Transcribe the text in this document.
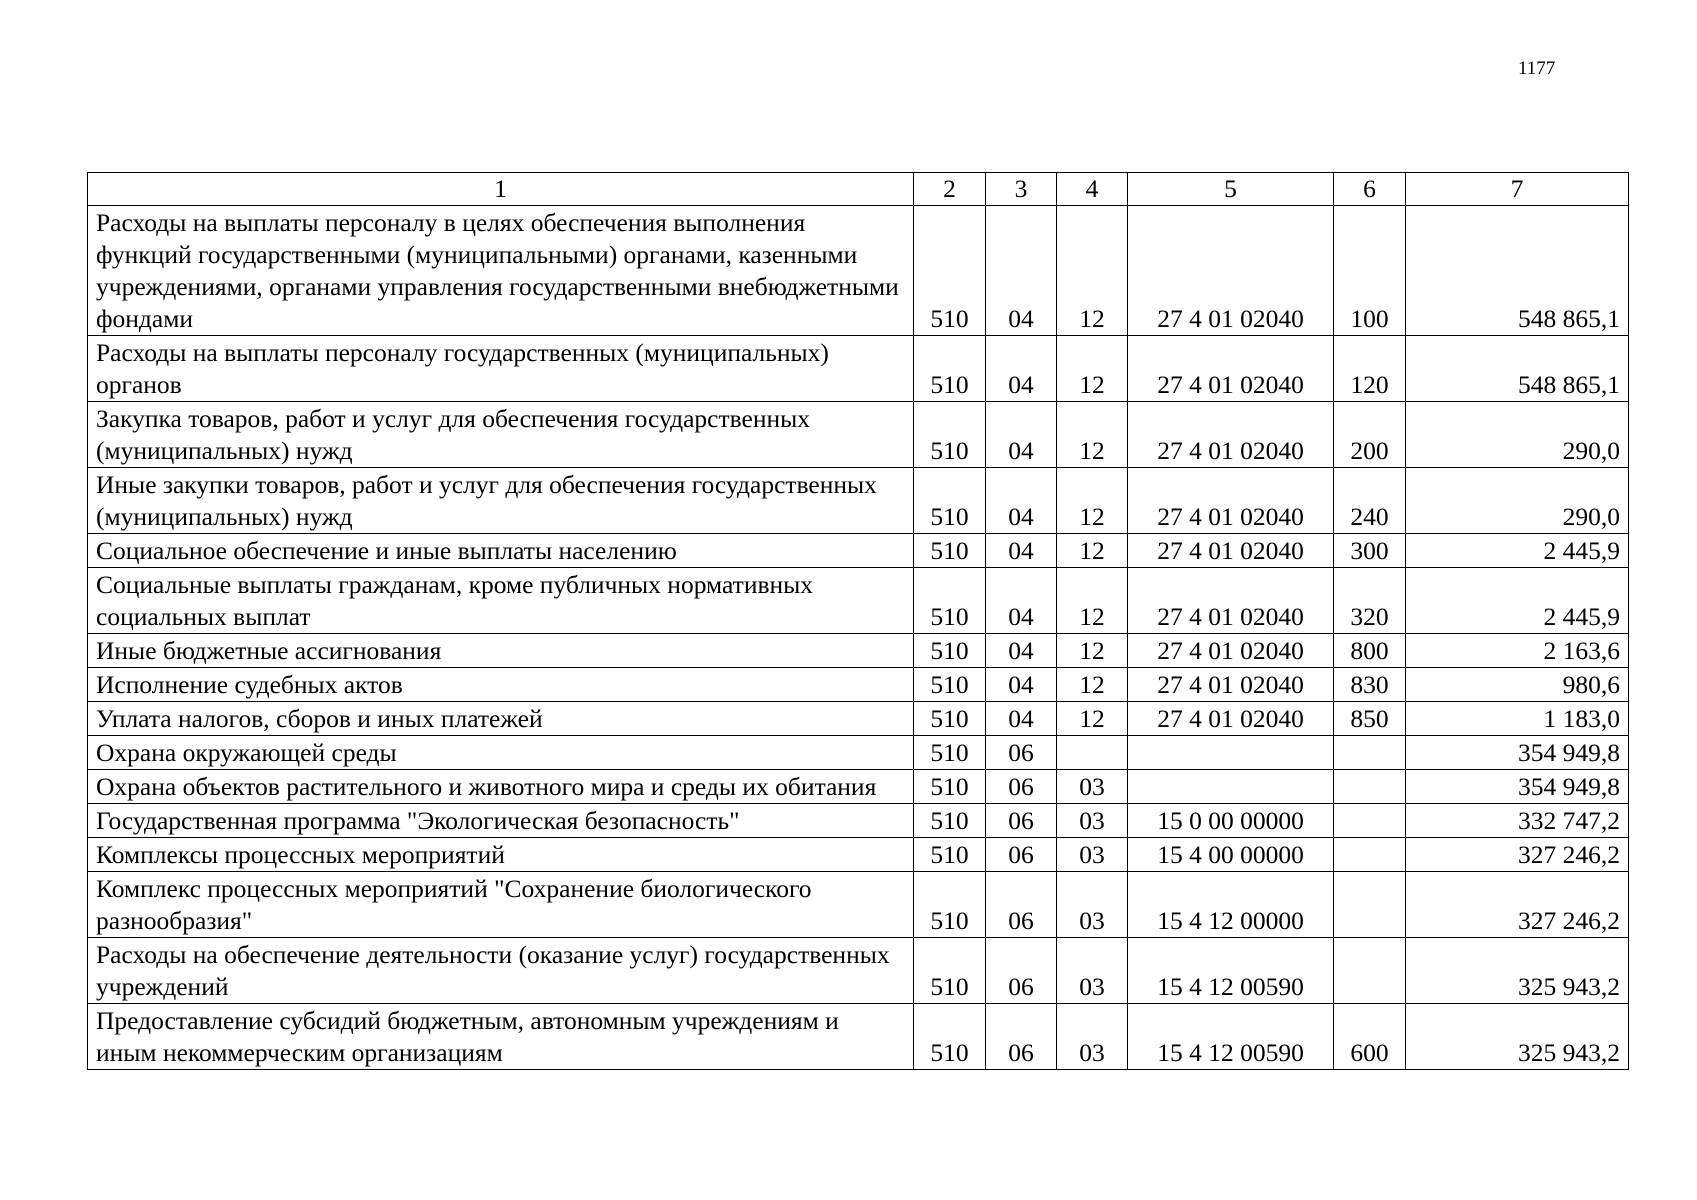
1177
1	2	3	4	5	6	7
Расходы на выплаты персоналу в целях обеспечения выполнения функций государственными (муниципальными) органами, казенными учреждениями, органами управления государственными внебюджетными фондами	510	04	12	27 4 01 02040	100	548 865,1
Расходы на выплаты персоналу государственных (муниципальных) органов	510	04	12	27 4 01 02040	120	548 865,1
Закупка товаров, работ и услуг для обеспечения государственных (муниципальных) нужд	510	04	12	27 4 01 02040	200	290,0
Иные закупки товаров, работ и услуг для обеспечения государственных (муниципальных) нужд	510	04	12	27 4 01 02040	240	290,0
Социальное обеспечение и иные выплаты населению	510	04	12	27 4 01 02040	300	2 445,9
Социальные выплаты гражданам, кроме публичных нормативных социальных выплат	510	04	12	27 4 01 02040	320	2 445,9
Иные бюджетные ассигнования	510	04	12	27 4 01 02040	800	2 163,6
Исполнение судебных актов	510	04	12	27 4 01 02040	830	980,6
Уплата налогов, сборов и иных платежей	510	04	12	27 4 01 02040	850	1 183,0
Охрана окружающей среды	510	06				354 949,8
Охрана объектов растительного и животного мира и среды их обитания	510	06	03			354 949,8
Государственная программа "Экологическая безопасность"	510	06	03	15 0 00 00000		332 747,2
Комплексы процессных мероприятий	510	06	03	15 4 00 00000		327 246,2
Комплекс процессных мероприятий "Сохранение биологического разнообразия"	510	06	03	15 4 12 00000		327 246,2
Расходы на обеспечение деятельности (оказание услуг) государственных учреждений	510	06	03	15 4 12 00590		325 943,2
Предоставление субсидий бюджетным, автономным учреждениям и иным некоммерческим организациям	510	06	03	15 4 12 00590	600	325 943,2
